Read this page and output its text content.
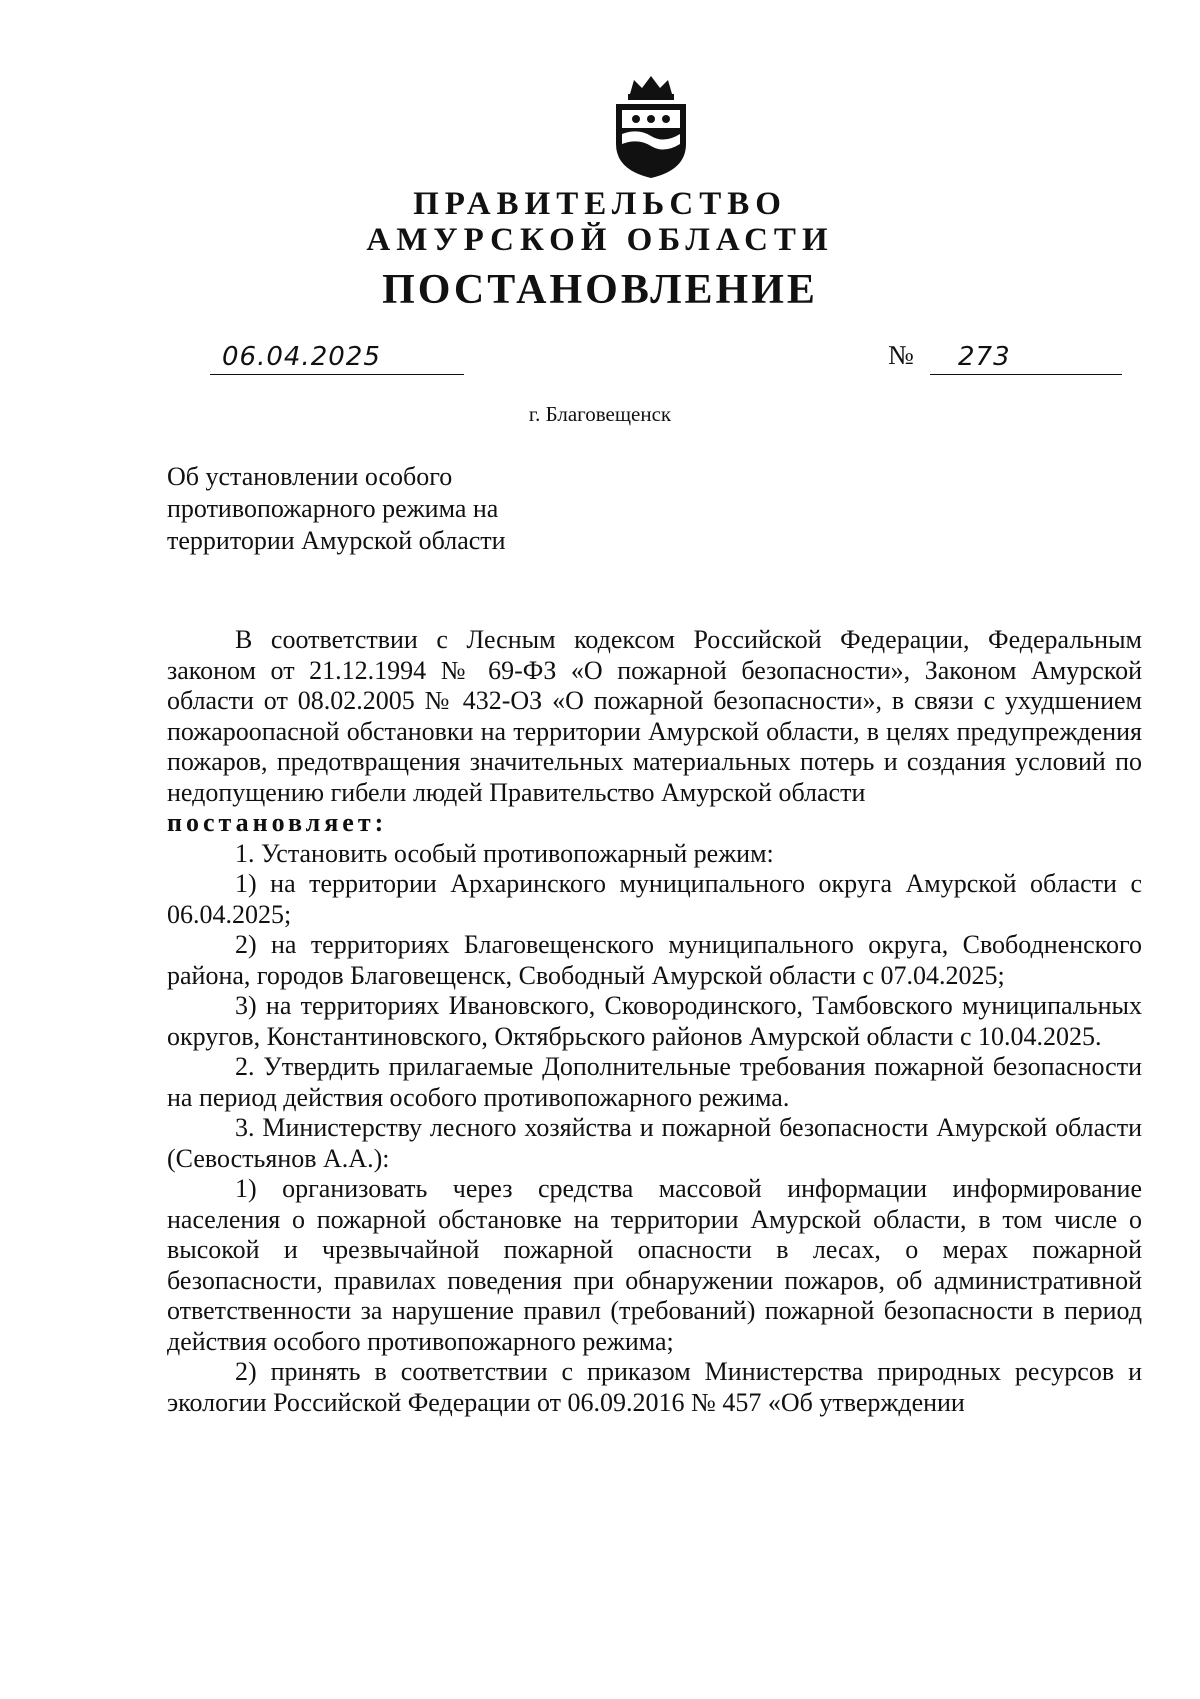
ПРАВИТЕЛЬСТВО
АМУРСКОЙ ОБЛАСТИ
ПОСТАНОВЛЕНИЕ
06.04.2025	№ 273
г. Благовещенск
Об установлении особого
противопожарного режима на
территории Амурской области

В соответствии с Лесным кодексом Российской Федерации, Федеральным законом от 21.12.1994 № 69-ФЗ «О пожарной безопасности», Законом Амурской области от 08.02.2005 № 432-ОЗ «О пожарной безопасности», в связи с ухудшением пожароопасной обстановки на территории Амурской области, в целях предупреждения пожаров, предотвращения значительных материальных потерь и создания условий по недопущению гибели людей Правительство Амурской области

постановляет:

1. Установить особый противопожарный режим:

1) на территории Архаринского муниципального округа Амурской области с 06.04.2025;

2) на территориях Благовещенского муниципального округа, Свободненского района, городов Благовещенск, Свободный Амурской области с 07.04.2025;

3) на территориях Ивановского, Сковородинского, Тамбовского муниципальных округов, Константиновского, Октябрьского районов Амурской области с 10.04.2025.

2. Утвердить прилагаемые Дополнительные требования пожарной безопасности на период действия особого противопожарного режима.

3. Министерству лесного хозяйства и пожарной безопасности Амурской области (Севостьянов А.А.):

1) организовать через средства массовой информации информирование населения о пожарной обстановке на территории Амурской области, в том числе о высокой и чрезвычайной пожарной опасности в лесах, о мерах пожарной безопасности, правилах поведения при обнаружении пожаров, об административной ответственности за нарушение правил (требований) пожарной безопасности в период действия особого противопожарного режима;

2) принять в соответствии с приказом Министерства природных ресурсов и экологии Российской Федерации от 06.09.2016 № 457 «Об утверждении
